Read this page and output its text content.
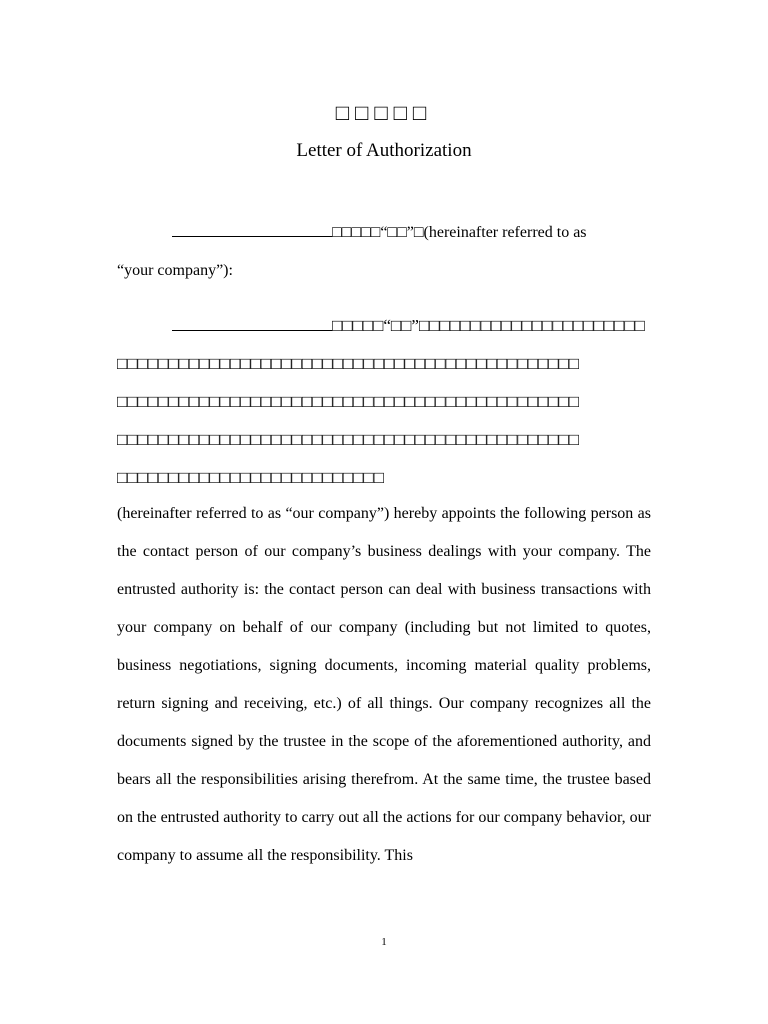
□□□□□
Letter of Authorization
□□□□□“□□”□(hereinafter referred to as
“your company”):
□□□□□“□□”□□□□□□□□□□□□□□□□□□□□□□
□□□□□□□□□□□□□□□□□□□□□□□□□□□□□□□□□□□□□□□□□□□□□
□□□□□□□□□□□□□□□□□□□□□□□□□□□□□□□□□□□□□□□□□□□□□
□□□□□□□□□□□□□□□□□□□□□□□□□□□□□□□□□□□□□□□□□□□□□
□□□□□□□□□□□□□□□□□□□□□□□□□□
(hereinafter referred to as “our company”) hereby appoints the following person as the contact person of our company’s business dealings with your company. The entrusted authority is: the contact person can deal with business transactions with your company on behalf of our company (including but not limited to quotes, business negotiations, signing documents, incoming material quality problems, return signing and receiving, etc.) of all things. Our company recognizes all the documents signed by the trustee in the scope of the aforementioned authority, and bears all the responsibilities arising therefrom. At the same time, the trustee based on the entrusted authority to carry out all the actions for our company behavior, our company to assume all the responsibility. This
1
